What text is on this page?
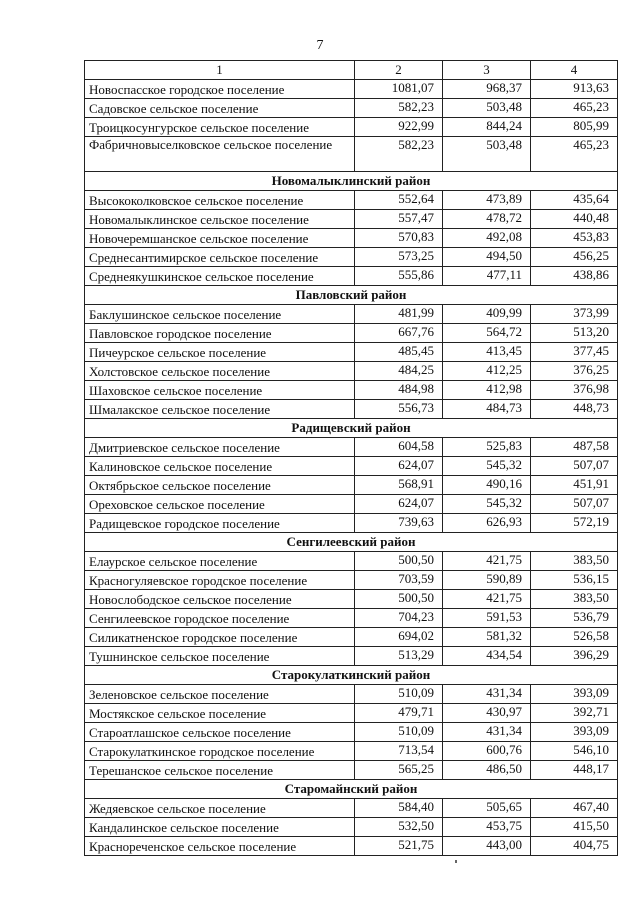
7
1	2	3	4
Новоспасское городское поселение	1081,07	968,37	913,63
Садовское сельское поселение	582,23	503,48	465,23
Троицкосунгурское сельское поселение	922,99	844,24	805,99
Фабричновыселковское сельское поселение	582,23	503,48	465,23
Новомалыклинский район			
Высококолковское сельское поселение	552,64	473,89	435,64
Новомалыклинское сельское поселение	557,47	478,72	440,48
Новочеремшанское сельское поселение	570,83	492,08	453,83
Среднесантимирское сельское поселение	573,25	494,50	456,25
Среднеякушкинское сельское поселение	555,86	477,11	438,86
Павловский район			
Баклушинское сельское поселение	481,99	409,99	373,99
Павловское городское поселение	667,76	564,72	513,20
Пичеурское сельское поселение	485,45	413,45	377,45
Холстовское сельское поселение	484,25	412,25	376,25
Шаховское сельское поселение	484,98	412,98	376,98
Шмалакское сельское поселение	556,73	484,73	448,73
Радищевский район			
Дмитриевское сельское поселение	604,58	525,83	487,58
Калиновское сельское поселение	624,07	545,32	507,07
Октябрьское сельское поселение	568,91	490,16	451,91
Ореховское сельское поселение	624,07	545,32	507,07
Радищевское городское поселение	739,63	626,93	572,19
Сенгилеевский район			
Елаурское сельское поселение	500,50	421,75	383,50
Красногуляевское городское поселение	703,59	590,89	536,15
Новослободское сельское поселение	500,50	421,75	383,50
Сенгилеевское городское поселение	704,23	591,53	536,79
Силикатненское городское поселение	694,02	581,32	526,58
Тушнинское сельское поселение	513,29	434,54	396,29
Старокулаткинский район			
Зеленовское сельское поселение	510,09	431,34	393,09
Мостякское сельское поселение	479,71	430,97	392,71
Староатлашское сельское поселение	510,09	431,34	393,09
Старокулаткинское городское поселение	713,54	600,76	546,10
Терешанское сельское поселение	565,25	486,50	448,17
Старомайнский район			
Жедяевское сельское поселение	584,40	505,65	467,40
Кандалинское сельское поселение	532,50	453,75	415,50
Краснореченское сельское поселение	521,75	443,00	404,75
